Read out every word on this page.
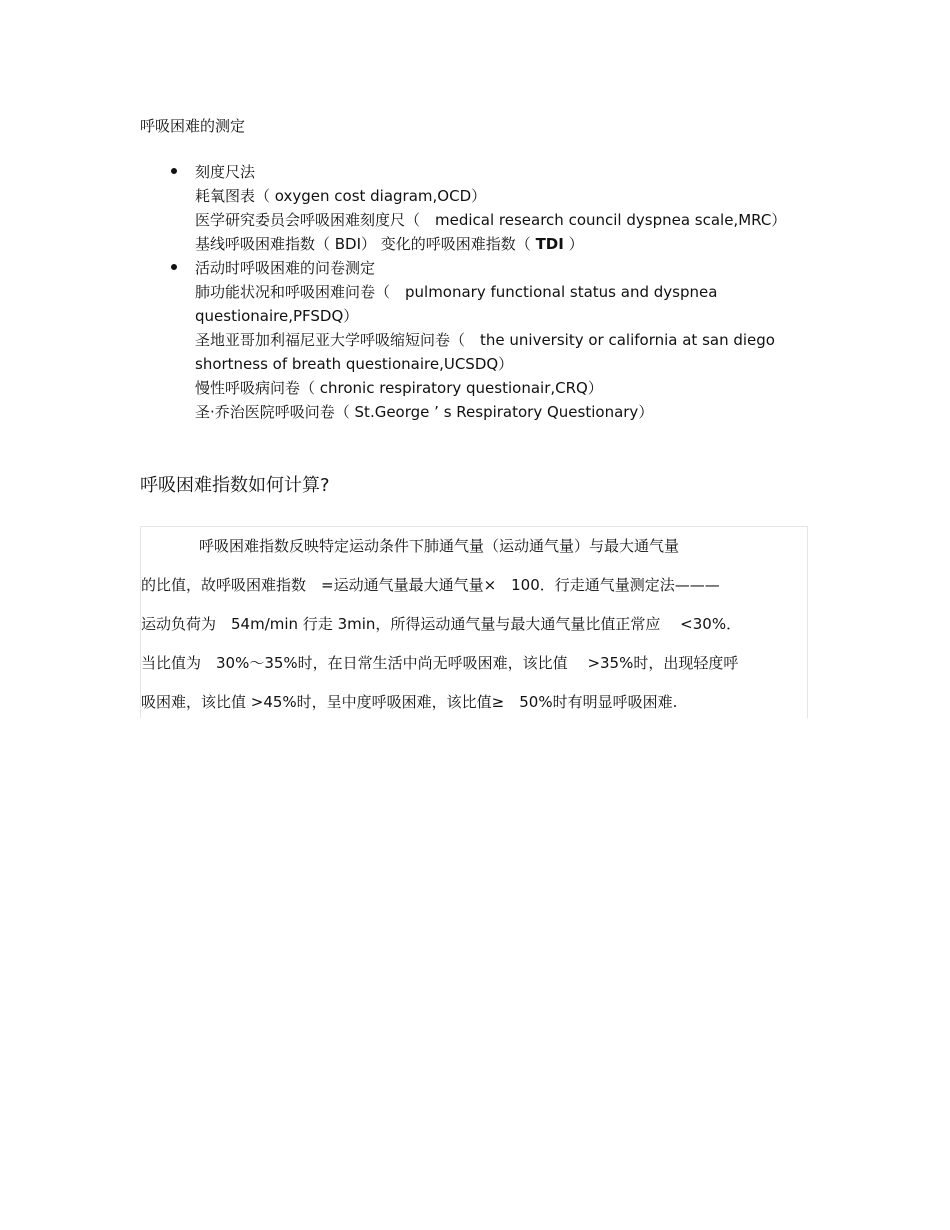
呼吸困难的测定
刻度尺法
耗氧图表（ oxygen cost diagram,OCD）
医学研究委员会呼吸困难刻度尺（　medical research council dyspnea scale,MRC）
基线呼吸困难指数（ BDI） 变化的呼吸困难指数（ TDI ）
活动时呼吸困难的问卷测定
肺功能状况和呼吸困难问卷（　pulmonary functional status and dyspnea questionaire,PFSDQ）
圣地亚哥加利福尼亚大学呼吸缩短问卷（　the university or california at san diego shortness of breath questionaire,UCSDQ）
慢性呼吸病问卷（ chronic respiratory questionair,CRQ）
圣·乔治医院呼吸问卷（ St.George ’ s Respiratory Questionary）
呼吸困难指数如何计算?
呼吸困难指数反映特定运动条件下肺通气量（运动通气量）与最大通气量
的比值，故呼吸困难指数　=运动通气量最大通气量×　100．行走通气量测定法———
运动负荷为　54m/min 行走 3min，所得运动通气量与最大通气量比值正常应　 <30%．
当比值为　30%～35%时，在日常生活中尚无呼吸困难，该比值　 >35%时，出现轻度呼
吸困难，该比值 >45%时，呈中度呼吸困难，该比值≥　50%时有明显呼吸困难.
